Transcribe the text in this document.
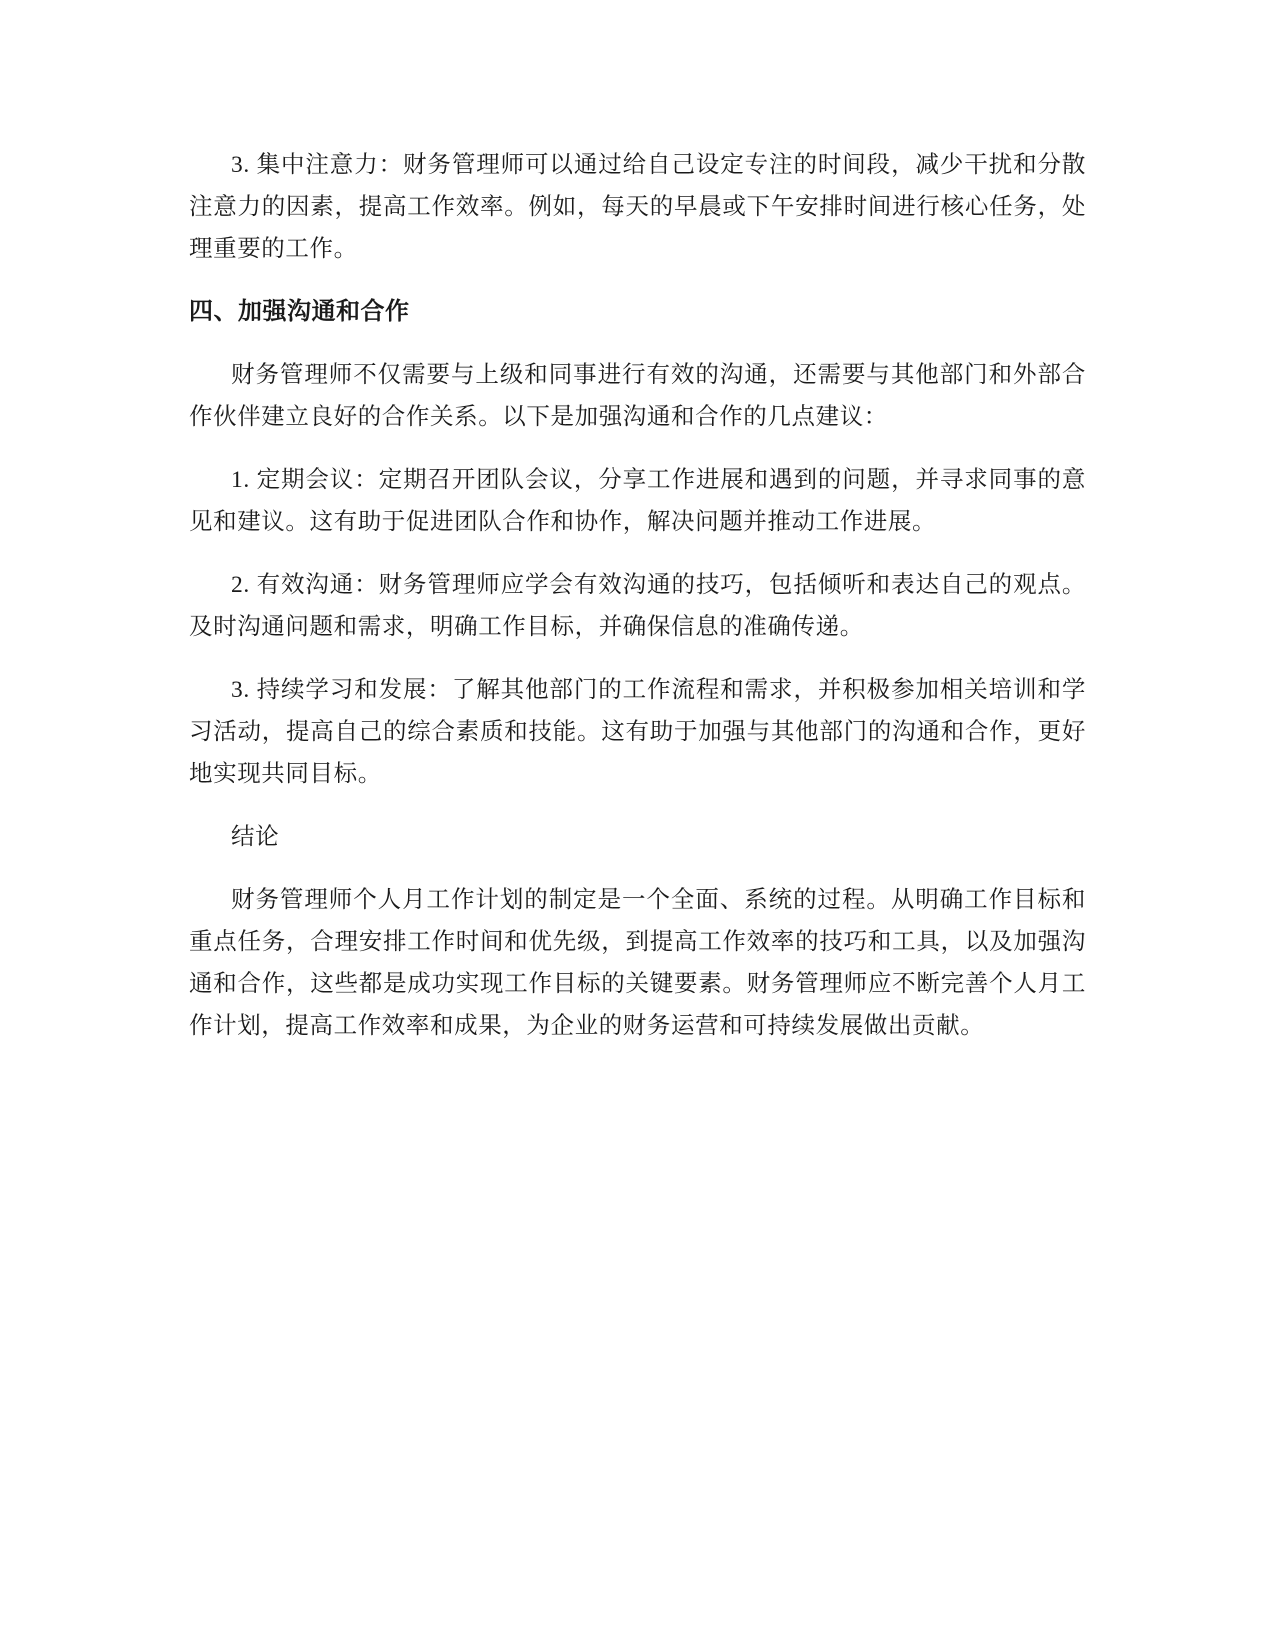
3. 集中注意力：财务管理师可以通过给自己设定专注的时间段，减少干扰和分散注意力的因素，提高工作效率。例如，每天的早晨或下午安排时间进行核心任务，处理重要的工作。

四、加强沟通和合作

财务管理师不仅需要与上级和同事进行有效的沟通，还需要与其他部门和外部合作伙伴建立良好的合作关系。以下是加强沟通和合作的几点建议：

1. 定期会议：定期召开团队会议，分享工作进展和遇到的问题，并寻求同事的意见和建议。这有助于促进团队合作和协作，解决问题并推动工作进展。

2. 有效沟通：财务管理师应学会有效沟通的技巧，包括倾听和表达自己的观点。及时沟通问题和需求，明确工作目标，并确保信息的准确传递。

3. 持续学习和发展：了解其他部门的工作流程和需求，并积极参加相关培训和学习活动，提高自己的综合素质和技能。这有助于加强与其他部门的沟通和合作，更好地实现共同目标。

结论

财务管理师个人月工作计划的制定是一个全面、系统的过程。从明确工作目标和重点任务，合理安排工作时间和优先级，到提高工作效率的技巧和工具，以及加强沟通和合作，这些都是成功实现工作目标的关键要素。财务管理师应不断完善个人月工作计划，提高工作效率和成果，为企业的财务运营和可持续发展做出贡献。
